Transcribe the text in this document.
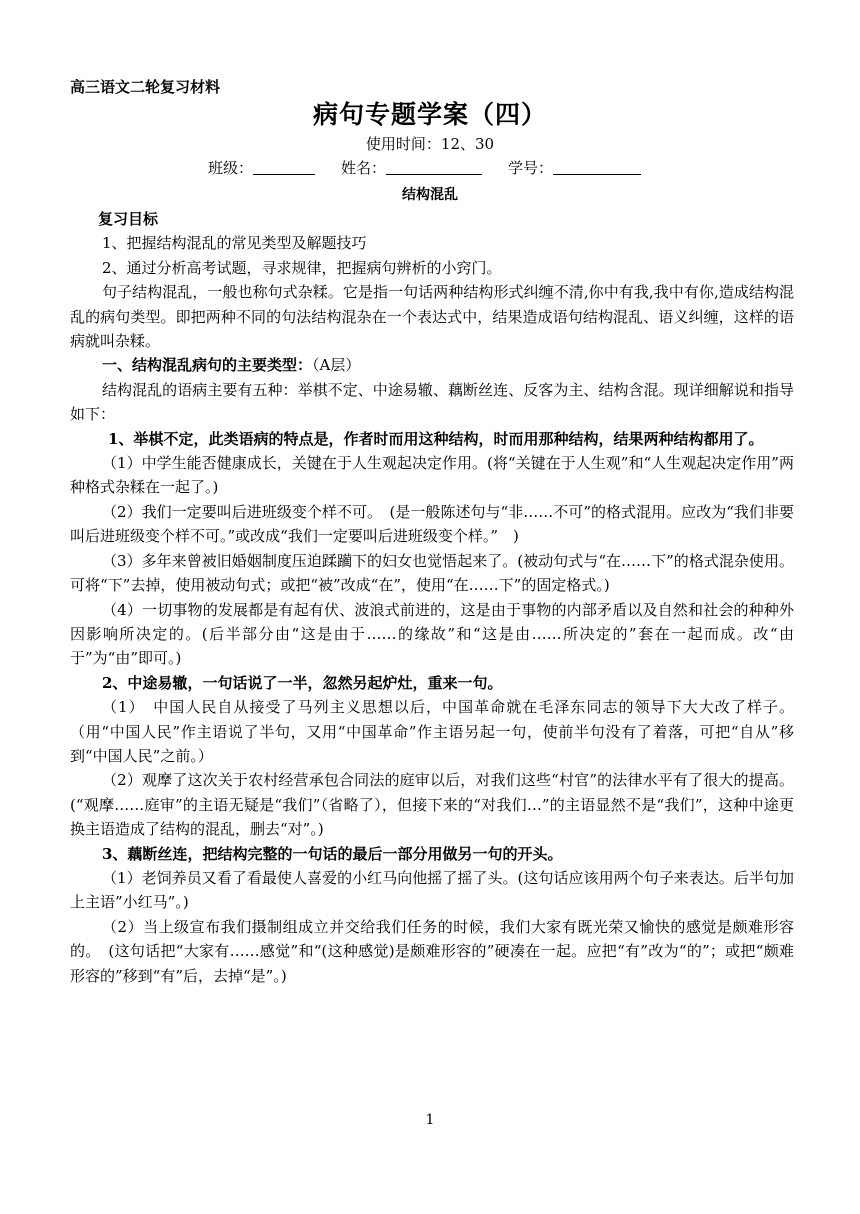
高三语文二轮复习材料
病句专题学案（四）
使用时间：12、30
班级：	姓名：	学号：
结构混乱

复习目标

1、把握结构混乱的常见类型及解题技巧

2、通过分析高考试题，寻求规律，把握病句辨析的小窍门。

句子结构混乱，一般也称句式杂糅。它是指一句话两种结构形式纠缠不清,你中有我,我中有你,造成结构混乱的病句类型。即把两种不同的句法结构混杂在一个表达式中，结果造成语句结构混乱、语义纠缠，这样的语病就叫杂糅。

一、结构混乱病句的主要类型：（A层）

结构混乱的语病主要有五种：举棋不定、中途易辙、藕断丝连、反客为主、结构含混。现详细解说和指导如下：

1、举棋不定，此类语病的特点是，作者时而用这种结构，时而用那种结构，结果两种结构都用了。

（1）中学生能否健康成长，关键在于人生观起决定作用。(将“关键在于人生观”和“人生观起决定作用”两种格式杂糅在一起了。)

（2）我们一定要叫后进班级变个样不可。　(是一般陈述句与“非……不可”的格式混用。应改为“我们非要叫后进班级变个样不可。”或改成“我们一定要叫后进班级变个样。”　)

（3）多年来曾被旧婚姻制度压迫蹂躏下的妇女也觉悟起来了。(被动句式与“在……下”的格式混杂使用。可将“下”去掉，使用被动句式；或把“被”改成“在”，使用“在……下”的固定格式。)

（4）一切事物的发展都是有起有伏、波浪式前进的，这是由于事物的内部矛盾以及自然和社会的种种外因影响所决定的。(后半部分由“这是由于……的缘故”和“这是由……所决定的”套在一起而成。改“由于”为“由”即可。)

2、中途易辙，一句话说了一半，忽然另起炉灶，重来一句。

（1）　中国人民自从接受了马列主义思想以后，中国革命就在毛泽东同志的领导下大大改了样子。（用“中国人民”作主语说了半句，又用“中国革命”作主语另起一句，使前半句没有了着落，可把“自从”移到“中国人民”之前。）

（2）观摩了这次关于农村经营承包合同法的庭审以后，对我们这些“村官”的法律水平有了很大的提高。(“观摩……庭审”的主语无疑是“我们”（省略了），但接下来的“对我们…”的主语显然不是“我们”，这种中途更换主语造成了结构的混乱，删去“对”。)

3、藕断丝连，把结构完整的一句话的最后一部分用做另一句的开头。

（1）老饲养员又看了看最使人喜爱的小红马向他摇了摇了头。(这句话应该用两个句子来表达。后半句加上主语”小红马”。)

（2）当上级宣布我们摄制组成立并交给我们任务的时候，我们大家有既光荣又愉快的感觉是颇难形容的。　(这句话把“大家有……感觉”和“(这种感觉)是颇难形容的”硬凑在一起。应把“有”改为“的”；或把“颇难形容的”移到“有”后，去掉“是”。)

1
